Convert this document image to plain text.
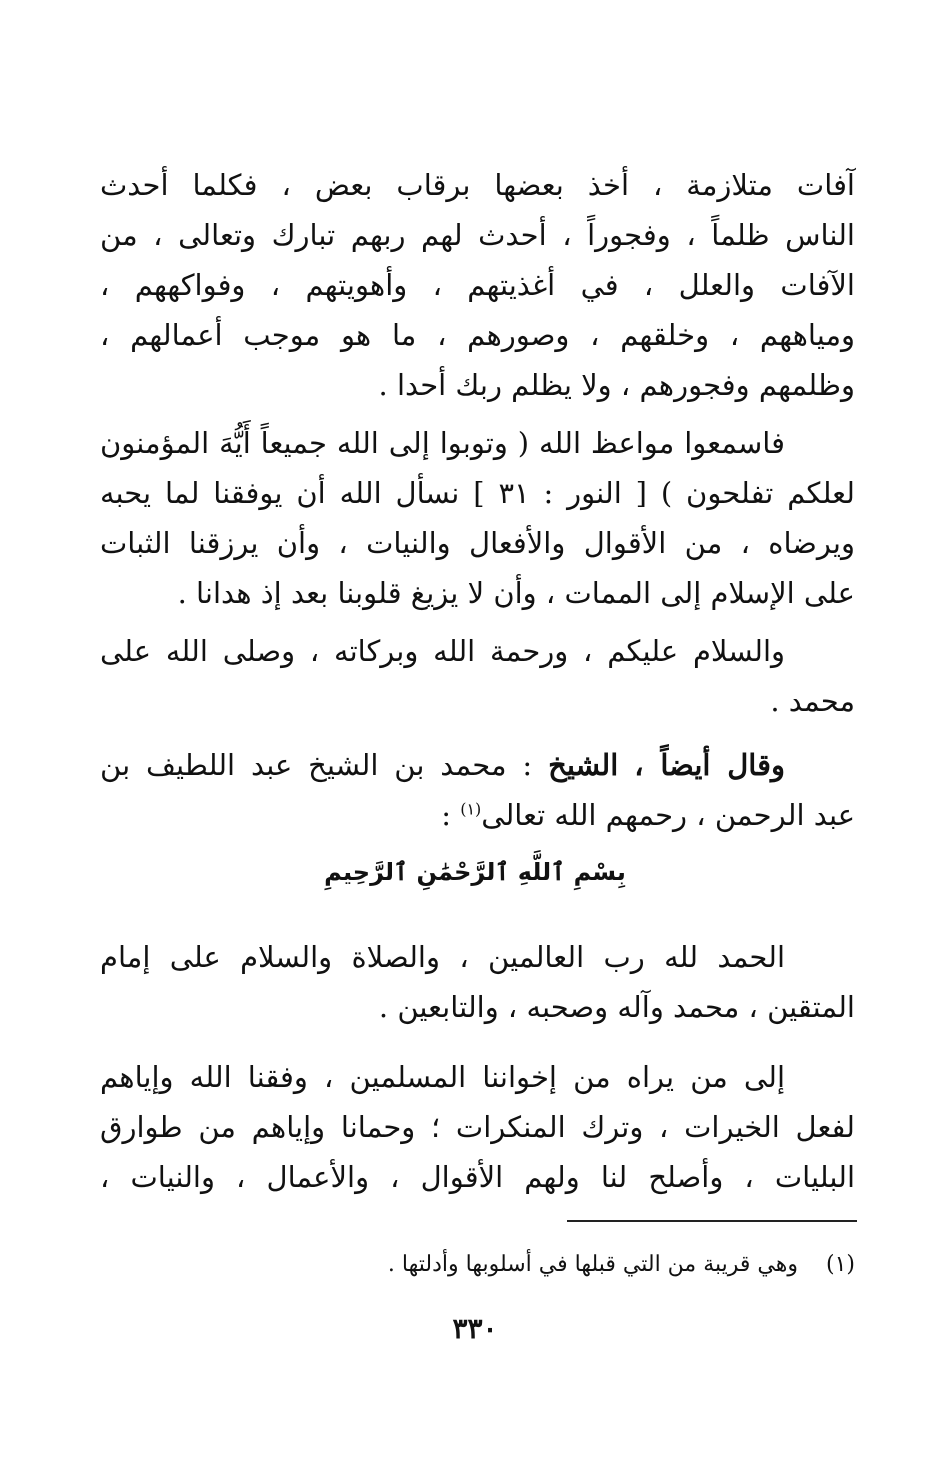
آفات متلازمة ، أخذ بعضها برقاب بعض ، فكلما أحدث
الناس ظلماً ، وفجوراً ، أحدث لهم ربهم تبارك وتعالى ، من
الآفات والعلل ، في أغذيتهم ، وأهويتهم ، وفواكههم ،
ومياههم ، وخلقهم ، وصورهم ، ما هو موجب أعمالهم ،
وظلمهم وفجورهم ، ولا يظلم ربك أحدا .
فاسمعوا مواعظ الله ( وتوبوا إلى الله جميعاً أَيُّهَ المؤمنون
لعلكم تفلحون ) [ النور : ٣١ ] نسأل الله أن يوفقنا لما يحبه
ويرضاه ، من الأقوال والأفعال والنيات ، وأن يرزقنا الثبات
على الإسلام إلى الممات ، وأن لا يزيغ قلوبنا بعد إذ هدانا .
والسلام عليكم ، ورحمة الله وبركاته ، وصلى الله على
محمد .
وقال أيضاً ، الشيخ : محمد بن الشيخ عبد اللطيف بن
عبد الرحمن ، رحمهم الله تعالى$^{(١)}$ :
بِسْمِ ٱللَّهِ ٱلرَّحْمَٰنِ ٱلرَّحِيمِ
الحمد لله رب العالمين ، والصلاة والسلام على إمام
المتقين ، محمد وآله وصحبه ، والتابعين .
إلى من يراه من إخواننا المسلمين ، وفقنا الله وإياهم
لفعل الخيرات ، وترك المنكرات ؛ وحمانا وإياهم من طوارق
البليات ، وأصلح لنا ولهم الأقوال ، والأعمال ، والنيات ،
(١)    وهي قريبة من التي قبلها في أسلوبها وأدلتها .
٣٣٠
